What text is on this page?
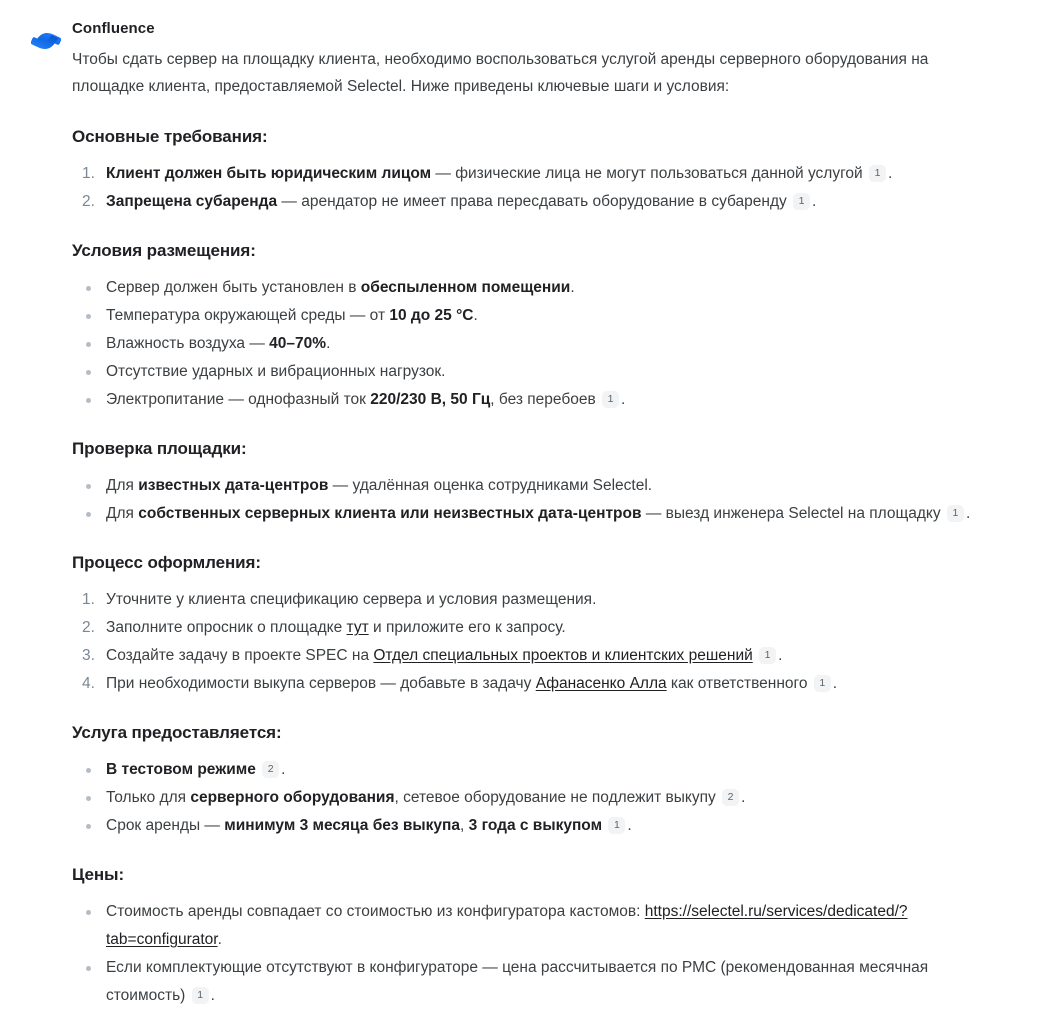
Confluence

Чтобы сдать сервер на площадку клиента, необходимо воспользоваться услугой аренды серверного оборудования на площадке клиента, предоставляемой Selectel. Ниже приведены ключевые шаги и условия:

Основные требования:
1. Клиент должен быть юридическим лицом — физические лица не могут пользоваться данной услугой 1 .
2. Запрещена субаренда — арендатор не имеет права пересдавать оборудование в субаренду 1 .
Условия размещения:
Сервер должен быть установлен в обеспыленном помещении.
Температура окружающей среды — от 10 до 25 °C.
Влажность воздуха — 40–70%.
Отсутствие ударных и вибрационных нагрузок.
Электропитание — однофазный ток 220/230 В, 50 Гц, без перебоев 1 .
Проверка площадки:
Для известных дата-центров — удалённая оценка сотрудниками Selectel.
Для собственных серверных клиента или неизвестных дата-центров — выезд инженера Selectel на площадку 1 .
Процесс оформления:
1. Уточните у клиента спецификацию сервера и условия размещения.
2. Заполните опросник о площадке тут и приложите его к запросу.
3. Создайте задачу в проекте SPEC на Отдел специальных проектов и клиентских решений 1 .
4. При необходимости выкупа серверов — добавьте в задачу Афанасенко Алла как ответственного 1 .
Услуга предоставляется:
В тестовом режиме 2 .
Только для серверного оборудования, сетевое оборудование не подлежит выкупу 2 .
Срок аренды — минимум 3 месяца без выкупа, 3 года с выкупом 1 .
Цены:
Стоимость аренды совпадает со стоимостью из конфигуратора кастомов: https://selectel.ru/services/dedicated/?tab=configurator.
Если комплектующие отсутствуют в конфигураторе — цена рассчитывается по РМС (рекомендованная месячная стоимость) 1 .
